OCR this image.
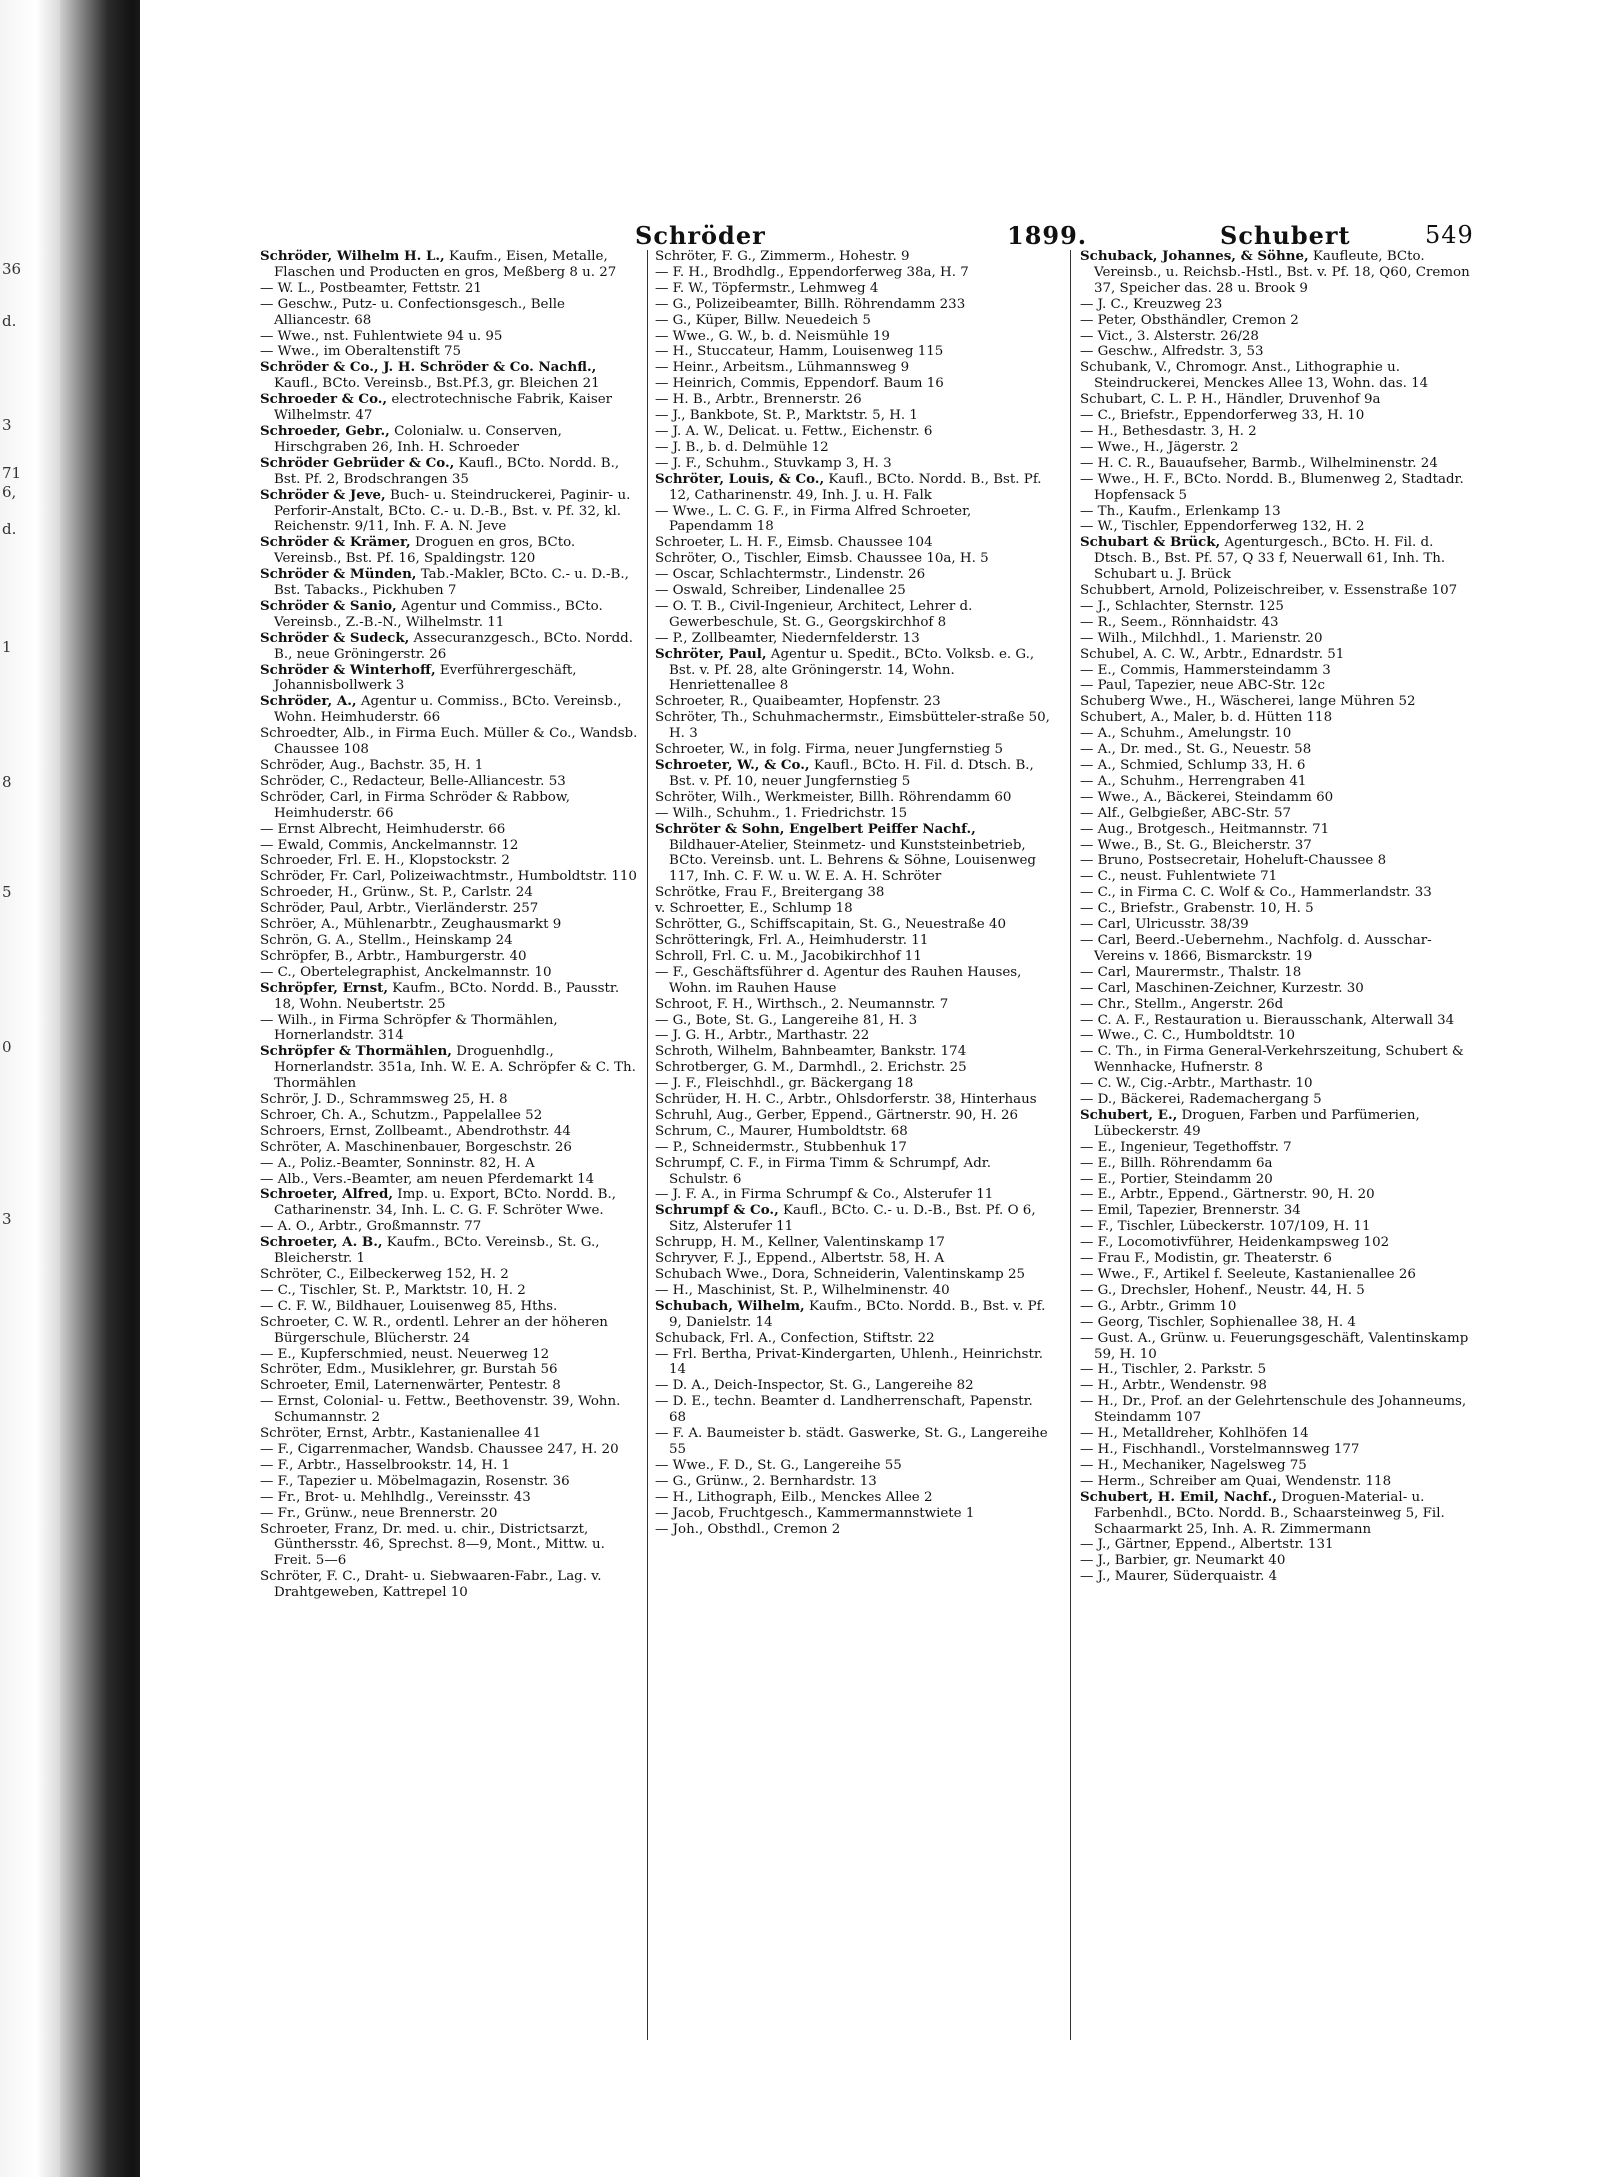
36
d.
3
71
6,
d.
1
8
5
0
3
Schröder	1899.	Schubert	549

Schröder, Wilhelm H. L., Kaufm., Eisen, Metalle, Flaschen und Producten en gros, Meßberg 8 u. 27

— W. L., Postbeamter, Fettstr. 21

— Geschw., Putz- u. Confectionsgesch., Belle Alliancestr. 68

— Wwe., nst. Fuhlentwiete 94 u. 95

— Wwe., im Oberaltenstift 75

Schröder & Co., J. H. Schröder & Co. Nachfl., Kaufl., BCto. Vereinsb., Bst.Pf.3, gr. Bleichen 21

Schroeder & Co., electrotechnische Fabrik, Kaiser Wilhelmstr. 47

Schroeder, Gebr., Colonialw. u. Conserven, Hirschgraben 26, Inh. H. Schroeder

Schröder Gebrüder & Co., Kaufl., BCto. Nordd. B., Bst. Pf. 2, Brodschrangen 35

Schröder & Jeve, Buch- u. Steindruckerei, Paginir- u. Perforir-Anstalt, BCto. C.- u. D.-B., Bst. v. Pf. 32, kl. Reichenstr. 9/11, Inh. F. A. N. Jeve

Schröder & Krämer, Droguen en gros, BCto. Vereinsb., Bst. Pf. 16, Spaldingstr. 120

Schröder & Münden, Tab.-Makler, BCto. C.- u. D.-B., Bst. Tabacks., Pickhuben 7

Schröder & Sanio, Agentur und Commiss., BCto. Vereinsb., Z.-B.-N., Wilhelmstr. 11

Schröder & Sudeck, Assecuranzgesch., BCto. Nordd. B., neue Gröningerstr. 26

Schröder & Winterhoff, Everführergeschäft, Johannisbollwerk 3

Schröder, A., Agentur u. Commiss., BCto. Vereinsb., Wohn. Heimhuderstr. 66

Schroedter, Alb., in Firma Euch. Müller & Co., Wandsb. Chaussee 108

Schröder, Aug., Bachstr. 35, H. 1

Schröder, C., Redacteur, Belle-Alliancestr. 53

Schröder, Carl, in Firma Schröder & Rabbow, Heimhuderstr. 66

— Ernst Albrecht, Heimhuderstr. 66

— Ewald, Commis, Anckelmannstr. 12

Schroeder, Frl. E. H., Klopstockstr. 2

Schröder, Fr. Carl, Polizeiwachtmstr., Humboldtstr. 110

Schroeder, H., Grünw., St. P., Carlstr. 24

Schröder, Paul, Arbtr., Vierländerstr. 257

Schröer, A., Mühlenarbtr., Zeughausmarkt 9

Schrön, G. A., Stellm., Heinskamp 24

Schröpfer, B., Arbtr., Hamburgerstr. 40

— C., Obertelegraphist, Anckelmannstr. 10

Schröpfer, Ernst, Kaufm., BCto. Nordd. B., Pausstr. 18, Wohn. Neubertstr. 25

— Wilh., in Firma Schröpfer & Thormählen, Hornerlandstr. 314

Schröpfer & Thormählen, Droguenhdlg., Hornerlandstr. 351a, Inh. W. E. A. Schröpfer & C. Th. Thormählen

Schrör, J. D., Schrammsweg 25, H. 8

Schroer, Ch. A., Schutzm., Pappelallee 52

Schroers, Ernst, Zollbeamt., Abendrothstr. 44

Schröter, A. Maschinenbauer, Borgeschstr. 26

— A., Poliz.-Beamter, Sonninstr. 82, H. A

— Alb., Vers.-Beamter, am neuen Pferdemarkt 14

Schroeter, Alfred, Imp. u. Export, BCto. Nordd. B., Catharinenstr. 34, Inh. L. C. G. F. Schröter Wwe.

— A. O., Arbtr., Großmannstr. 77

Schroeter, A. B., Kaufm., BCto. Vereinsb., St. G., Bleicherstr. 1

Schröter, C., Eilbeckerweg 152, H. 2

— C., Tischler, St. P., Marktstr. 10, H. 2

— C. F. W., Bildhauer, Louisenweg 85, Hths.

Schroeter, C. W. R., ordentl. Lehrer an der höheren Bürgerschule, Blücherstr. 24

— E., Kupferschmied, neust. Neuerweg 12

Schröter, Edm., Musiklehrer, gr. Burstah 56

Schroeter, Emil, Laternenwärter, Pentestr. 8

— Ernst, Colonial- u. Fettw., Beethovenstr. 39, Wohn. Schumannstr. 2

Schröter, Ernst, Arbtr., Kastanienallee 41

— F., Cigarrenmacher, Wandsb. Chaussee 247, H. 20

— F., Arbtr., Hasselbrookstr. 14, H. 1

— F., Tapezier u. Möbelmagazin, Rosenstr. 36

— Fr., Brot- u. Mehlhdlg., Vereinsstr. 43

— Fr., Grünw., neue Brennerstr. 20

Schroeter, Franz, Dr. med. u. chir., Districtsarzt, Günthersstr. 46, Sprechst. 8—9, Mont., Mittw. u. Freit. 5—6

Schröter, F. C., Draht- u. Siebwaaren-Fabr., Lag. v. Drahtgeweben, Kattrepel 10

Schröter, F. G., Zimmerm., Hohestr. 9

— F. H., Brodhdlg., Eppendorferweg 38a, H. 7

— F. W., Töpfermstr., Lehmweg 4

— G., Polizeibeamter, Billh. Röhrendamm 233

— G., Küper, Billw. Neuedeich 5

— Wwe., G. W., b. d. Neismühle 19

— H., Stuccateur, Hamm, Louisenweg 115

— Heinr., Arbeitsm., Lühmannsweg 9

— Heinrich, Commis, Eppendorf. Baum 16

— H. B., Arbtr., Brennerstr. 26

— J., Bankbote, St. P., Marktstr. 5, H. 1

— J. A. W., Delicat. u. Fettw., Eichenstr. 6

— J. B., b. d. Delmühle 12

— J. F., Schuhm., Stuvkamp 3, H. 3

Schröter, Louis, & Co., Kaufl., BCto. Nordd. B., Bst. Pf. 12, Catharinenstr. 49, Inh. J. u. H. Falk

— Wwe., L. C. G. F., in Firma Alfred Schroeter, Papendamm 18

Schroeter, L. H. F., Eimsb. Chaussee 104

Schröter, O., Tischler, Eimsb. Chaussee 10a, H. 5

— Oscar, Schlachtermstr., Lindenstr. 26

— Oswald, Schreiber, Lindenallee 25

— O. T. B., Civil-Ingenieur, Architect, Lehrer d. Gewerbeschule, St. G., Georgskirchhof 8

— P., Zollbeamter, Niedernfelderstr. 13

Schröter, Paul, Agentur u. Spedit., BCto. Volksb. e. G., Bst. v. Pf. 28, alte Gröningerstr. 14, Wohn. Henriettenallee 8

Schroeter, R., Quaibeamter, Hopfenstr. 23

Schröter, Th., Schuhmachermstr., Eimsbütteler-straße 50, H. 3

Schroeter, W., in folg. Firma, neuer Jungfernstieg 5

Schroeter, W., & Co., Kaufl., BCto. H. Fil. d. Dtsch. B., Bst. v. Pf. 10, neuer Jungfernstieg 5

Schröter, Wilh., Werkmeister, Billh. Röhrendamm 60

— Wilh., Schuhm., 1. Friedrichstr. 15

Schröter & Sohn, Engelbert Peiffer Nachf., Bildhauer-Atelier, Steinmetz- und Kunststeinbetrieb, BCto. Vereinsb. unt. L. Behrens & Söhne, Louisenweg 117, Inh. C. F. W. u. W. E. A. H. Schröter

Schrötke, Frau F., Breitergang 38

v. Schroetter, E., Schlump 18

Schrötter, G., Schiffscapitain, St. G., Neuestraße 40

Schrötteringk, Frl. A., Heimhuderstr. 11

Schroll, Frl. C. u. M., Jacobikirchhof 11

— F., Geschäftsführer d. Agentur des Rauhen Hauses, Wohn. im Rauhen Hause

Schroot, F. H., Wirthsch., 2. Neumannstr. 7

— G., Bote, St. G., Langereihe 81, H. 3

— J. G. H., Arbtr., Marthastr. 22

Schroth, Wilhelm, Bahnbeamter, Bankstr. 174

Schrotberger, G. M., Darmhdl., 2. Erichstr. 25

— J. F., Fleischhdl., gr. Bäckergang 18

Schrüder, H. H. C., Arbtr., Ohlsdorferstr. 38, Hinterhaus

Schruhl, Aug., Gerber, Eppend., Gärtnerstr. 90, H. 26

Schrum, C., Maurer, Humboldtstr. 68

— P., Schneidermstr., Stubbenhuk 17

Schrumpf, C. F., in Firma Timm & Schrumpf, Adr. Schulstr. 6

— J. F. A., in Firma Schrumpf & Co., Alsterufer 11

Schrumpf & Co., Kaufl., BCto. C.- u. D.-B., Bst. Pf. O 6, Sitz, Alsterufer 11

Schrupp, H. M., Kellner, Valentinskamp 17

Schryver, F. J., Eppend., Albertstr. 58, H. A

Schubach Wwe., Dora, Schneiderin, Valentinskamp 25

— H., Maschinist, St. P., Wilhelminenstr. 40

Schubach, Wilhelm, Kaufm., BCto. Nordd. B., Bst. v. Pf. 9, Danielstr. 14

Schuback, Frl. A., Confection, Stiftstr. 22

— Frl. Bertha, Privat-Kindergarten, Uhlenh., Heinrichstr. 14

— D. A., Deich-Inspector, St. G., Langereihe 82

— D. E., techn. Beamter d. Landherrenschaft, Papenstr. 68

— F. A. Baumeister b. städt. Gaswerke, St. G., Langereihe 55

— Wwe., F. D., St. G., Langereihe 55

— G., Grünw., 2. Bernhardstr. 13

— H., Lithograph, Eilb., Menckes Allee 2

— Jacob, Fruchtgesch., Kammermannstwiete 1

— Joh., Obsthdl., Cremon 2

Schuback, Johannes, & Söhne, Kaufleute, BCto. Vereinsb., u. Reichsb.-Hstl., Bst. v. Pf. 18, Q60, Cremon 37, Speicher das. 28 u. Brook 9

— J. C., Kreuzweg 23

— Peter, Obsthändler, Cremon 2

— Vict., 3. Alsterstr. 26/28

— Geschw., Alfredstr. 3, 53

Schubank, V., Chromogr. Anst., Lithographie u. Steindruckerei, Menckes Allee 13, Wohn. das. 14

Schubart, C. L. P. H., Händler, Druvenhof 9a

— C., Briefstr., Eppendorferweg 33, H. 10

— H., Bethesdastr. 3, H. 2

— Wwe., H., Jägerstr. 2

— H. C. R., Bauaufseher, Barmb., Wilhelminenstr. 24

— Wwe., H. F., BCto. Nordd. B., Blumenweg 2, Stadtadr. Hopfensack 5

— Th., Kaufm., Erlenkamp 13

— W., Tischler, Eppendorferweg 132, H. 2

Schubart & Brück, Agenturgesch., BCto. H. Fil. d. Dtsch. B., Bst. Pf. 57, Q 33 f, Neuerwall 61, Inh. Th. Schubart u. J. Brück

Schubbert, Arnold, Polizeischreiber, v. Essenstraße 107

— J., Schlachter, Sternstr. 125

— R., Seem., Rönnhaidstr. 43

— Wilh., Milchhdl., 1. Marienstr. 20

Schubel, A. C. W., Arbtr., Ednardstr. 51

— E., Commis, Hammersteindamm 3

— Paul, Tapezier, neue ABC-Str. 12c

Schuberg Wwe., H., Wäscherei, lange Mühren 52

Schubert, A., Maler, b. d. Hütten 118

— A., Schuhm., Amelungstr. 10

— A., Dr. med., St. G., Neuestr. 58

— A., Schmied, Schlump 33, H. 6

— A., Schuhm., Herrengraben 41

— Wwe., A., Bäckerei, Steindamm 60

— Alf., Gelbgießer, ABC-Str. 57

— Aug., Brotgesch., Heitmannstr. 71

— Wwe., B., St. G., Bleicherstr. 37

— Bruno, Postsecretair, Hoheluft-Chaussee 8

— C., neust. Fuhlentwiete 71

— C., in Firma C. C. Wolf & Co., Hammerlandstr. 33

— C., Briefstr., Grabenstr. 10, H. 5

— Carl, Ulricusstr. 38/39

— Carl, Beerd.-Uebernehm., Nachfolg. d. Ausschar-Vereins v. 1866, Bismarckstr. 19

— Carl, Maurermstr., Thalstr. 18

— Carl, Maschinen-Zeichner, Kurzestr. 30

— Chr., Stellm., Angerstr. 26d

— C. A. F., Restauration u. Bierausschank, Alterwall 34

— Wwe., C. C., Humboldtstr. 10

— C. Th., in Firma General-Verkehrszeitung, Schubert & Wennhacke, Hufnerstr. 8

— C. W., Cig.-Arbtr., Marthastr. 10

— D., Bäckerei, Rademachergang 5

Schubert, E., Droguen, Farben und Parfümerien, Lübeckerstr. 49

— E., Ingenieur, Tegethoffstr. 7

— E., Billh. Röhrendamm 6a

— E., Portier, Steindamm 20

— E., Arbtr., Eppend., Gärtnerstr. 90, H. 20

— Emil, Tapezier, Brennerstr. 34

— F., Tischler, Lübeckerstr. 107/109, H. 11

— F., Locomotivführer, Heidenkampsweg 102

— Frau F., Modistin, gr. Theaterstr. 6

— Wwe., F., Artikel f. Seeleute, Kastanienallee 26

— G., Drechsler, Hohenf., Neustr. 44, H. 5

— G., Arbtr., Grimm 10

— Georg, Tischler, Sophienallee 38, H. 4

— Gust. A., Grünw. u. Feuerungsgeschäft, Valentinskamp 59, H. 10

— H., Tischler, 2. Parkstr. 5

— H., Arbtr., Wendenstr. 98

— H., Dr., Prof. an der Gelehrtenschule des Johanneums, Steindamm 107

— H., Metalldreher, Kohlhöfen 14

— H., Fischhandl., Vorstelmannsweg 177

— H., Mechaniker, Nagelsweg 75

— Herm., Schreiber am Quai, Wendenstr. 118

Schubert, H. Emil, Nachf., Droguen-Material- u. Farbenhdl., BCto. Nordd. B., Schaarsteinweg 5, Fil. Schaarmarkt 25, Inh. A. R. Zimmermann

— J., Gärtner, Eppend., Albertstr. 131

— J., Barbier, gr. Neumarkt 40

— J., Maurer, Süderquaistr. 4
